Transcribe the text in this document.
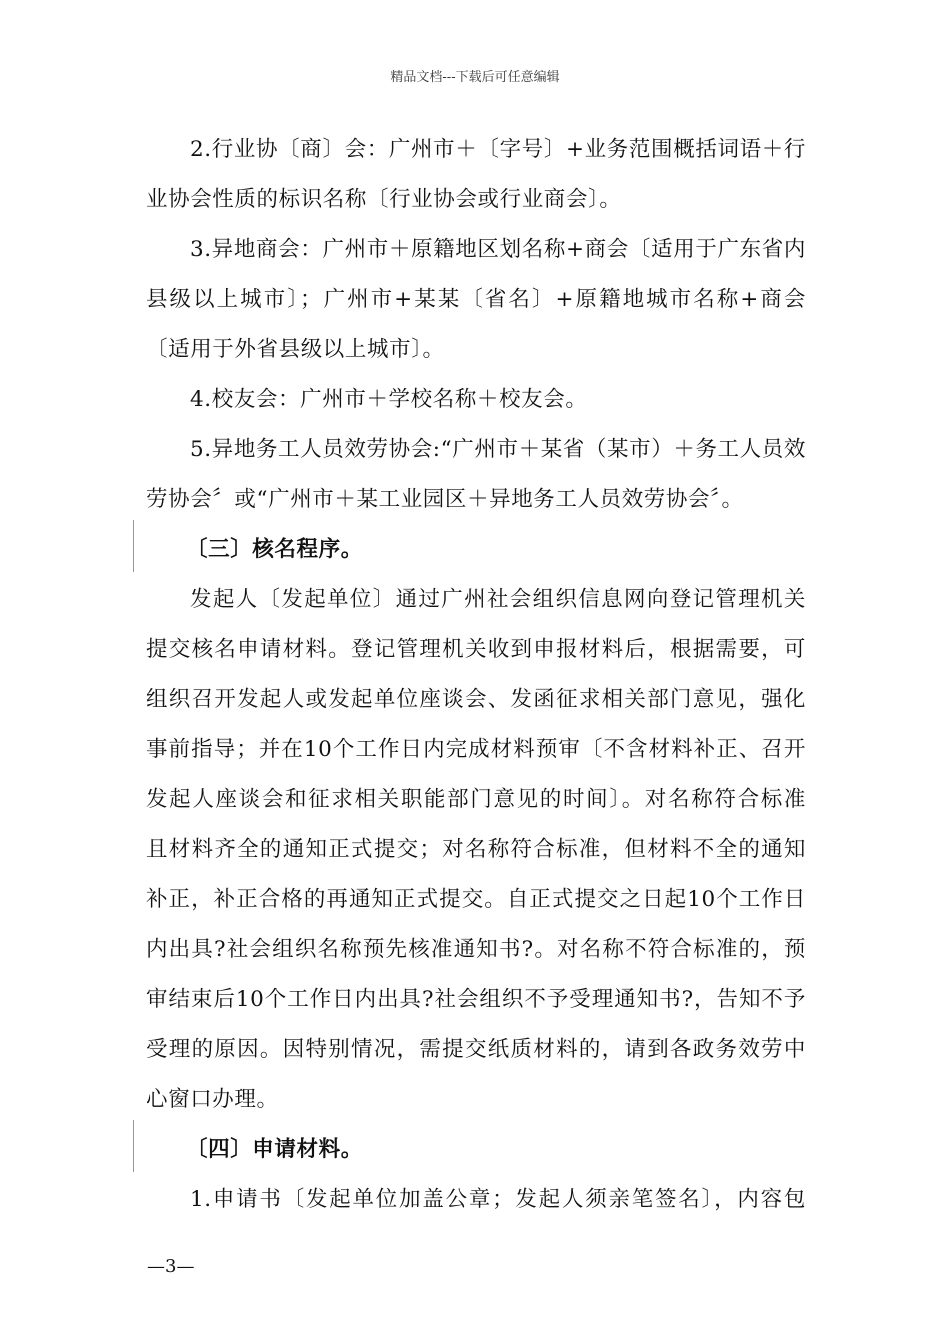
精品文档---下载后可任意编辑
2.行业协〔商〕会：广州市＋〔字号〕+业务范围概括词语＋行
业协会性质的标识名称〔行业协会或行业商会〕。
3.异地商会：广州市＋原籍地区划名称+商会〔适用于广东省内
县级以上城市〕；广州市+某某〔省名〕+原籍地城市名称+商会
〔适用于外省县级以上城市〕。
4.校友会：广州市＋学校名称＋校友会。
5.异地务工人员效劳协会:“广州市＋某省（某市）＋务工人员效
劳协会〞或“广州市＋某工业园区＋异地务工人员效劳协会〞。
〔三〕核名程序。
发起人〔发起单位〕通过广州社会组织信息网向登记管理机关
提交核名申请材料。登记管理机关收到申报材料后，根据需要，可
组织召开发起人或发起单位座谈会、发函征求相关部门意见，强化
事前指导；并在10个工作日内完成材料预审〔不含材料补正、召开
发起人座谈会和征求相关职能部门意见的时间〕。对名称符合标准
且材料齐全的通知正式提交；对名称符合标准，但材料不全的通知
补正，补正合格的再通知正式提交。自正式提交之日起10个工作日
内出具?社会组织名称预先核准通知书?。对名称不符合标准的，预
审结束后10个工作日内出具?社会组织不予受理通知书?，告知不予
受理的原因。因特别情况，需提交纸质材料的，请到各政务效劳中
心窗口办理。
〔四〕申请材料。
1.申请书〔发起单位加盖公章；发起人须亲笔签名〕，内容包
—3—
